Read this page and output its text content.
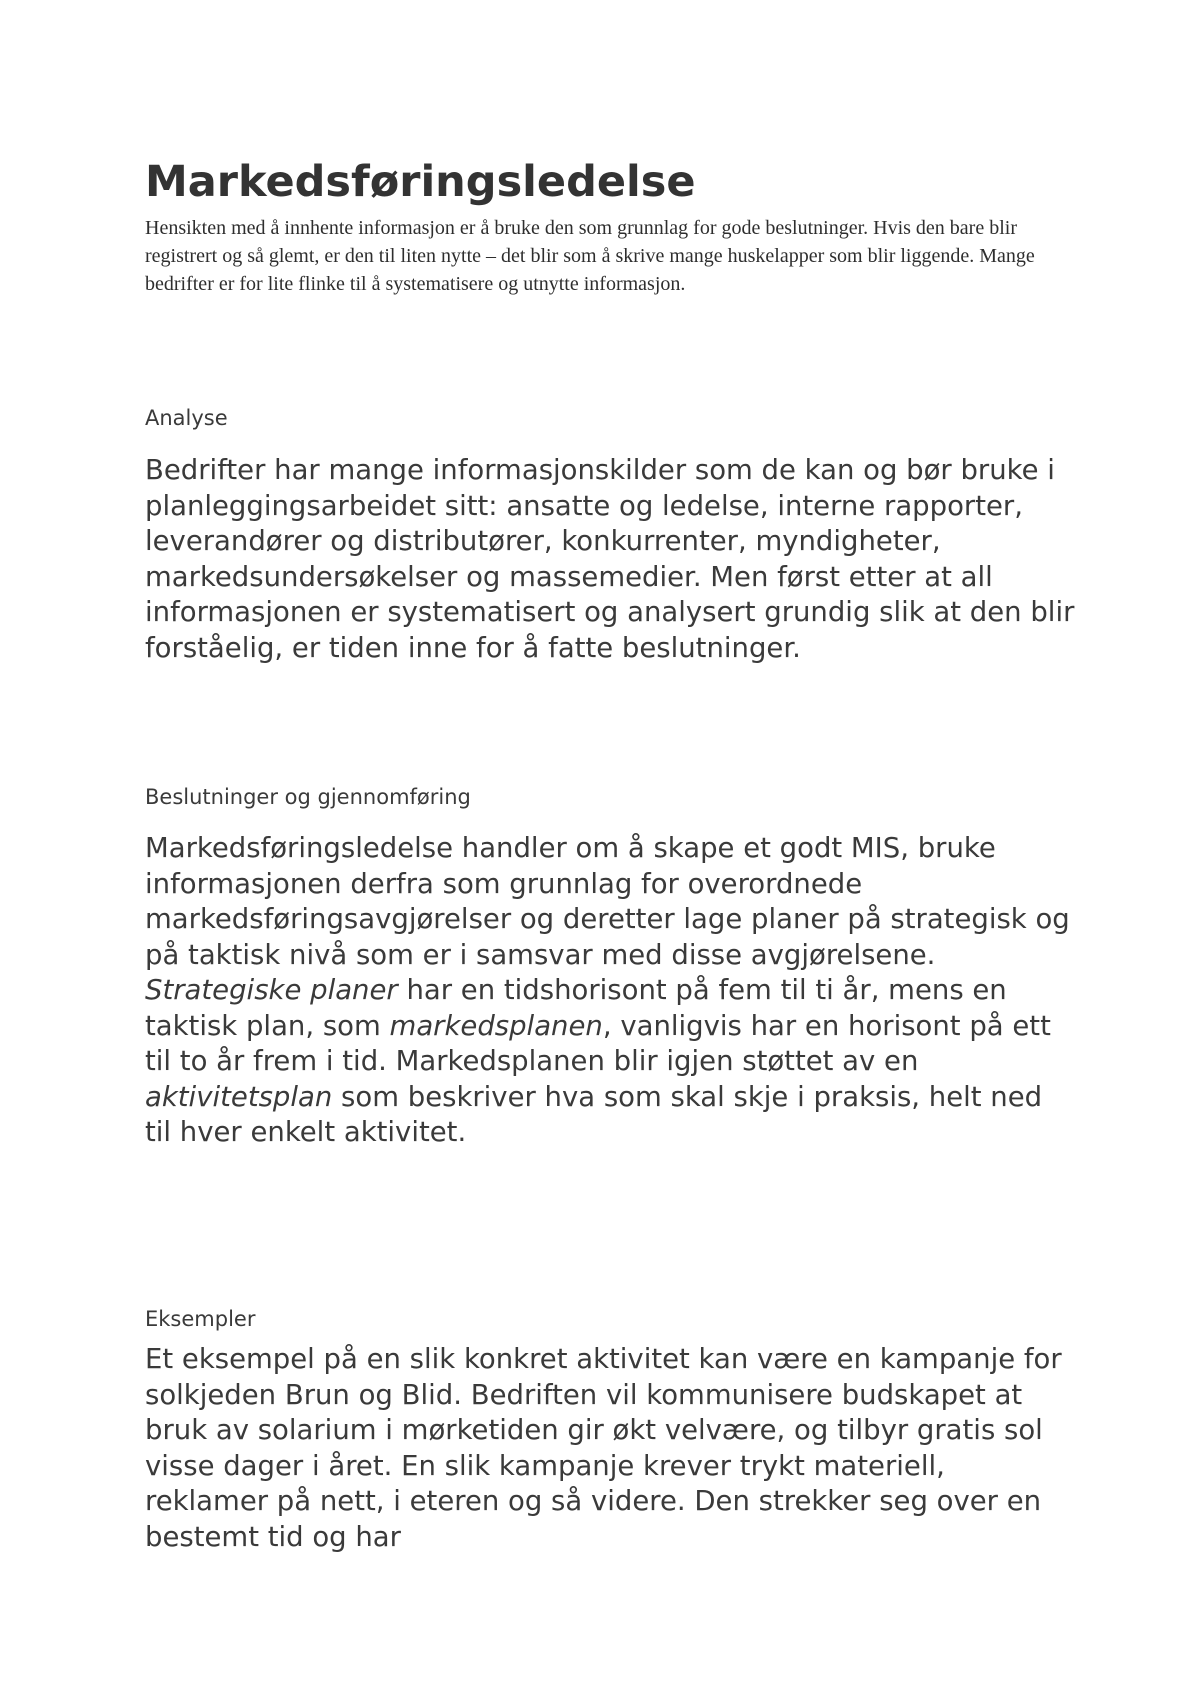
Markedsføringsledelse

Hensikten med å innhente informasjon er å bruke den som grunnlag for gode beslutninger. Hvis den bare blir registrert og så glemt, er den til liten nytte – det blir som å skrive mange huskelapper som blir liggende. Mange bedrifter er for lite flinke til å systematisere og utnytte informasjon.

Analyse

Bedrifter har mange informasjonskilder som de kan og bør bruke i planleggingsarbeidet sitt: ansatte og ledelse, interne rapporter, leverandører og distributører, konkurrenter, myndigheter, markedsundersøkelser og massemedier. Men først etter at all informasjonen er systematisert og analysert grundig slik at den blir forståelig, er tiden inne for å fatte beslutninger.

Beslutninger og gjennomføring

Markedsføringsledelse handler om å skape et godt MIS, bruke informasjonen derfra som grunnlag for overordnede markedsføringsavgjørelser og deretter lage planer på strategisk og på taktisk nivå som er i samsvar med disse avgjørelsene. Strategiske planer har en tidshorisont på fem til ti år, mens en taktisk plan, som markedsplanen, vanligvis har en horisont på ett til to år frem i tid. Markedsplanen blir igjen støttet av en aktivitetsplan som beskriver hva som skal skje i praksis, helt ned til hver enkelt aktivitet.

Eksempler

Et eksempel på en slik konkret aktivitet kan være en kampanje for solkjeden Brun og Blid. Bedriften vil kommunisere budskapet at bruk av solarium i mørketiden gir økt velvære, og tilbyr gratis sol visse dager i året. En slik kampanje krever trykt materiell, reklamer på nett, i eteren og så videre. Den strekker seg over en bestemt tid og har
